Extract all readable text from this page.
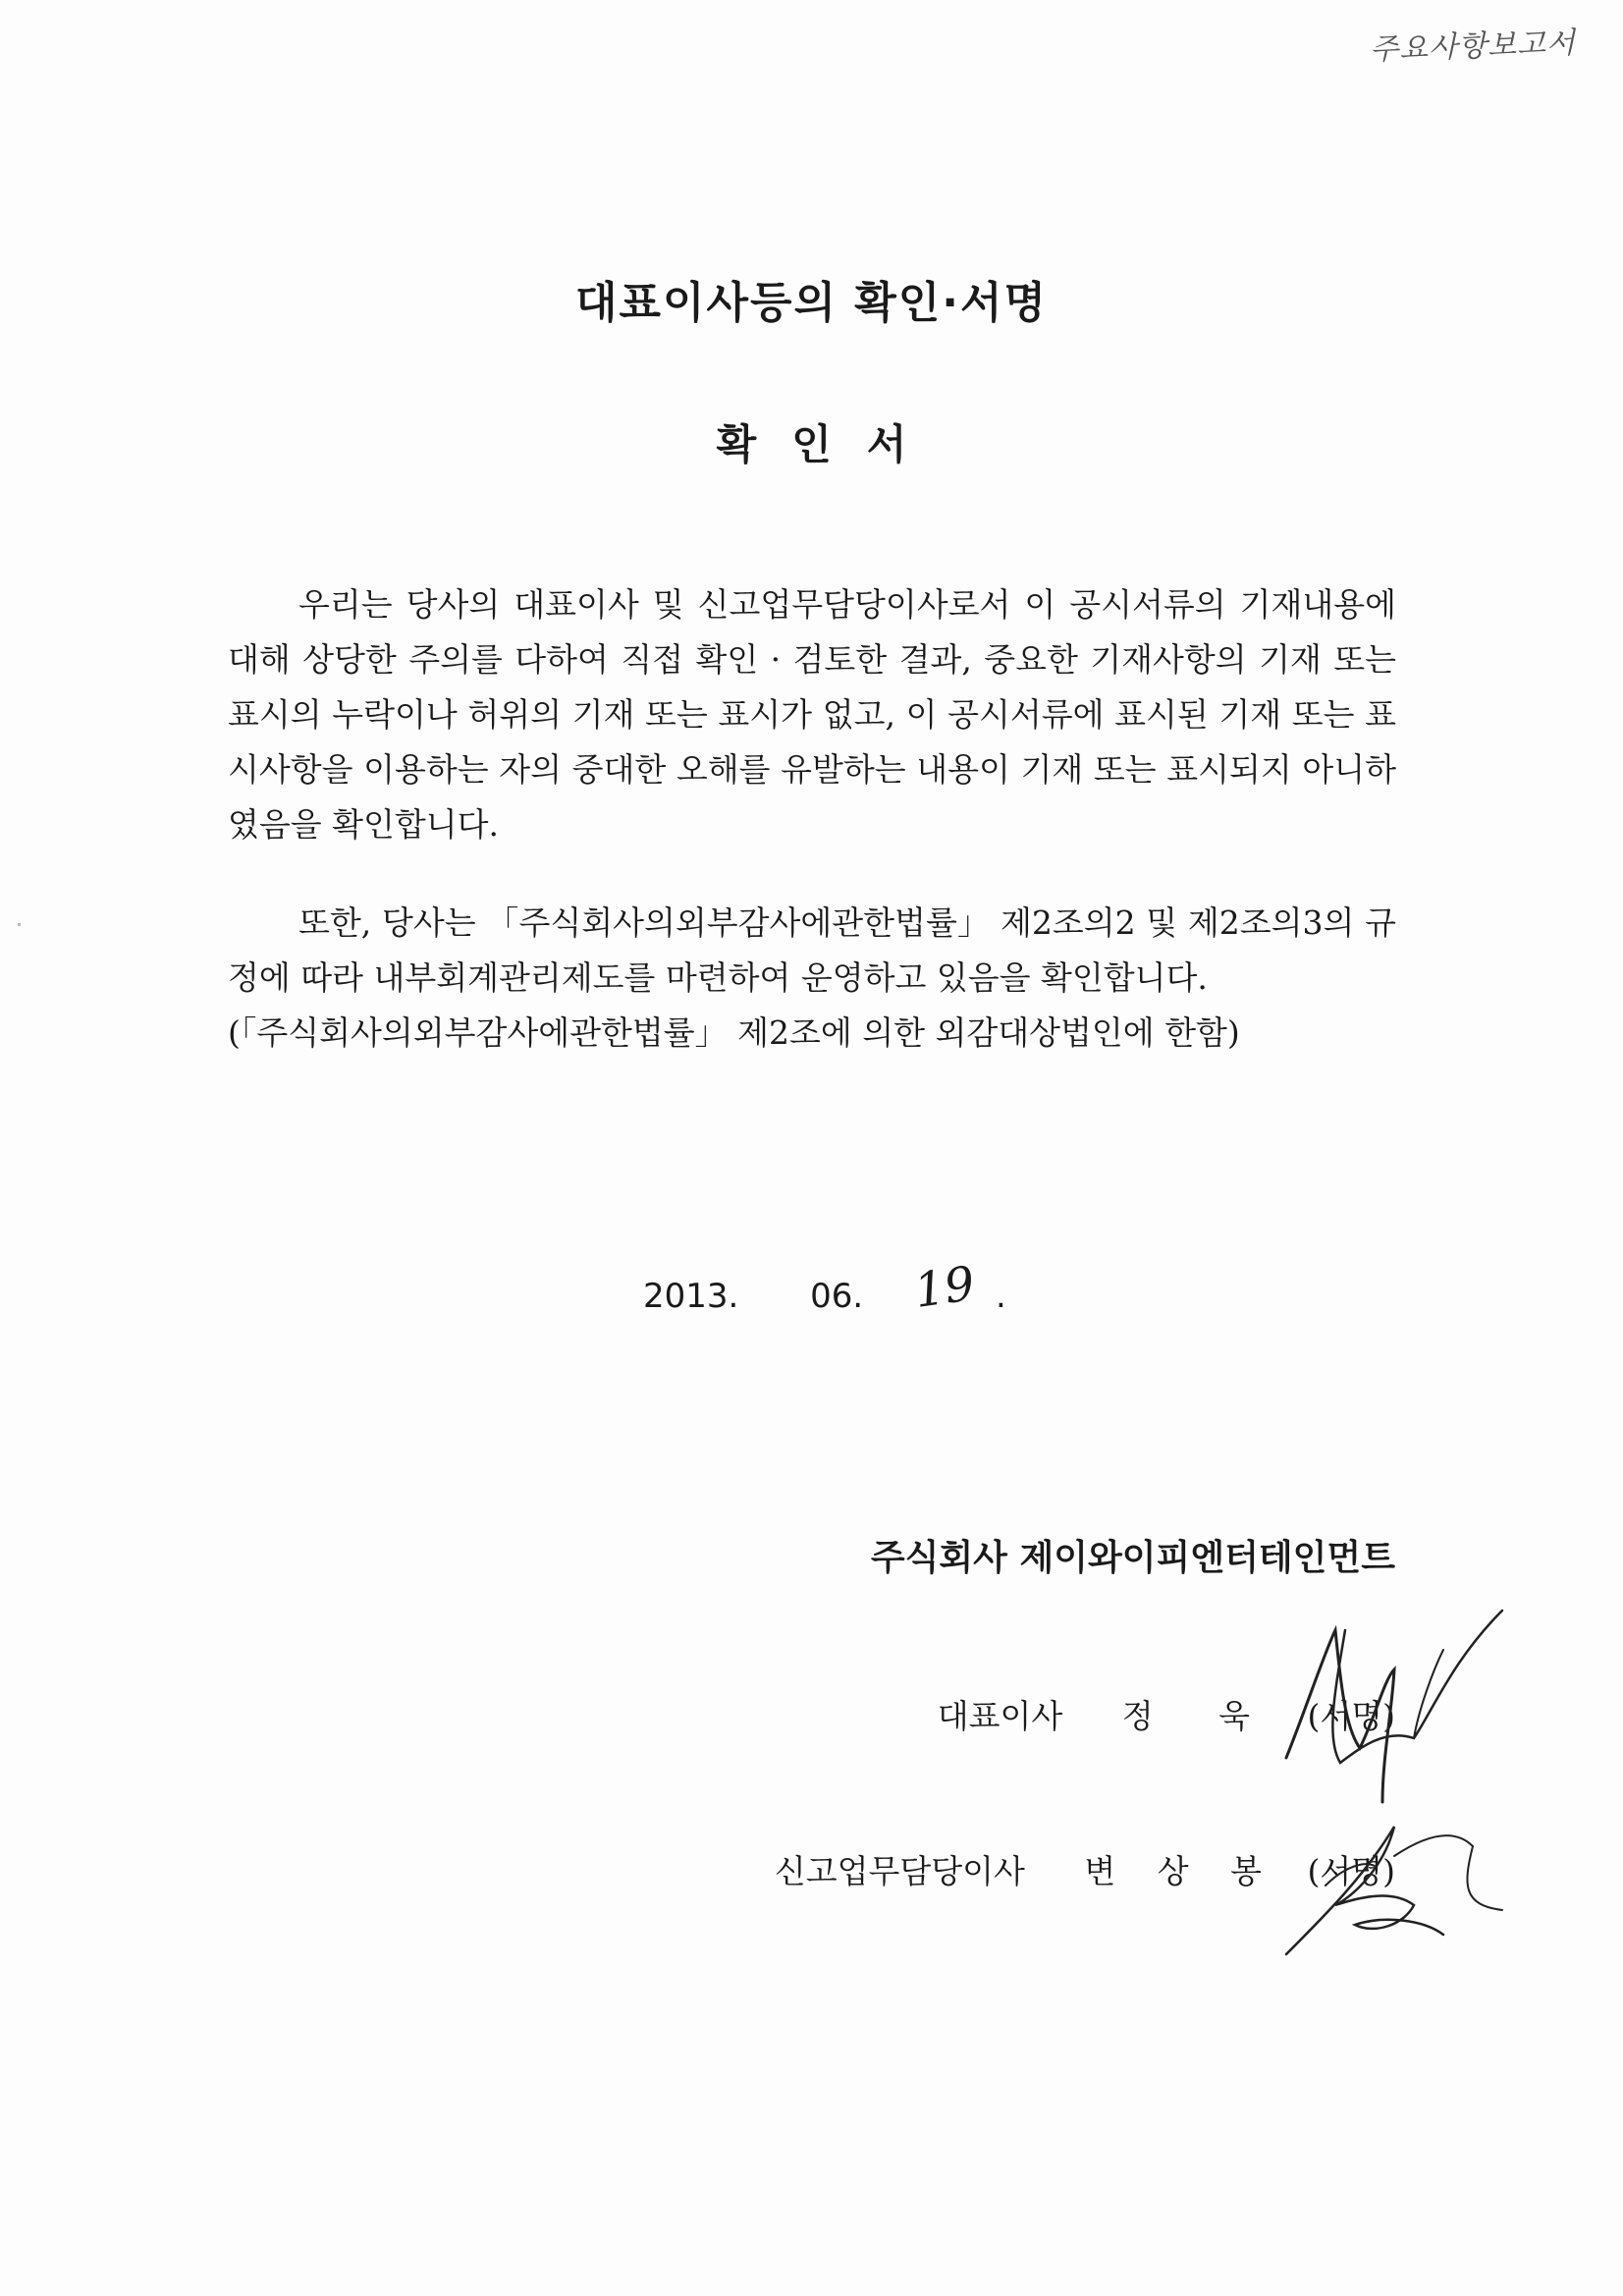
주요사항보고서
대표이사등의 확인·서명
확인서

우리는 당사의 대표이사 및 신고업무담당이사로서 이 공시서류의 기재내용에 대해 상당한 주의를 다하여 직접 확인 · 검토한 결과, 중요한 기재사항의 기재 또는 표시의 누락이나 허위의 기재 또는 표시가 없고, 이 공시서류에 표시된 기재 또는 표시사항을 이용하는 자의 중대한 오해를 유발하는 내용이 기재 또는 표시되지 아니하였음을 확인합니다.

또한, 당사는 「주식회사의외부감사에관한법률」 제2조의2 및 제2조의3의 규정에 따라 내부회계관리제도를 마련하여 운영하고 있음을 확인합니다.

(「주식회사의외부감사에관한법률」 제2조에 의한 외감대상법인에 한함)

2013. 06. 19 .
주식회사 제이와이피엔터테인먼트
대표이사 정 욱 (서명)
신고업무담당이사 변 상 봉 (서명)
